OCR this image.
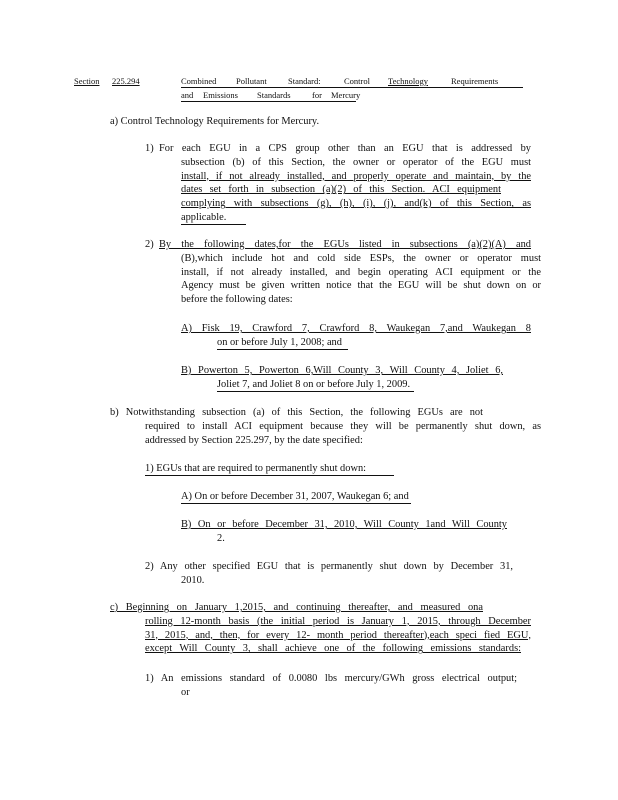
Section 225.294	Combined Pollutant	Standard:	Control Technology	Requirements
and Emissions Standards	for Mercury
a) Control Technology Requirements for Mercury.
1) For each EGU in a CPS group other than an EGU that is addressed by
subsection (b) of this Section, the owner or operator of the EGU must
install, if not already installed, and properly operate and maintain, by the
dates set forth in subsection (a)(2) of this Section. ACI equipment
complying with subsections (g), (h), (i), (j), and(k) of this Section, as
applicable.
2) By the following dates,for the EGUs listed in subsections (a)(2)(A) and
(B),which include hot and cold side ESPs, the owner or operator must
install, if not already installed, and begin operating ACI equipment or the
Agency must be given written notice that the EGU will be shut down on or
before the following dates:
A) Fisk 19, Crawford 7, Crawford 8, Waukegan 7,and Waukegan 8
on or before July 1, 2008; and
B) Powerton 5, Powerton 6,Will County 3, Will County 4, Joliet 6,
Joliet 7, and Joliet 8 on or before July 1, 2009.
b) Notwithstanding subsection (a) of this Section, the following EGUs are not
required to install ACI equipment because they will be permanently shut down, as
addressed by Section 225.297, by the date specified:
1) EGUs that are required to permanently shut down:
A) On or before December 31, 2007, Waukegan 6; and
B) On or before December 31, 2010, Will County 1and Will County
2.
2) Any other specified EGU that is permanently shut down by December 31,
2010.
c) Beginning on January 1,2015, and continuing thereafter, and measured ona
rolling 12-month basis (the initial period is January 1, 2015, through December
31, 2015, and, then, for every 12- month period thereafter),each speci fied EGU,
except Will County 3, shall achieve one of the following emissions standards:
1) An emissions standard of 0.0080 lbs mercury/GWh gross electrical output;
or
